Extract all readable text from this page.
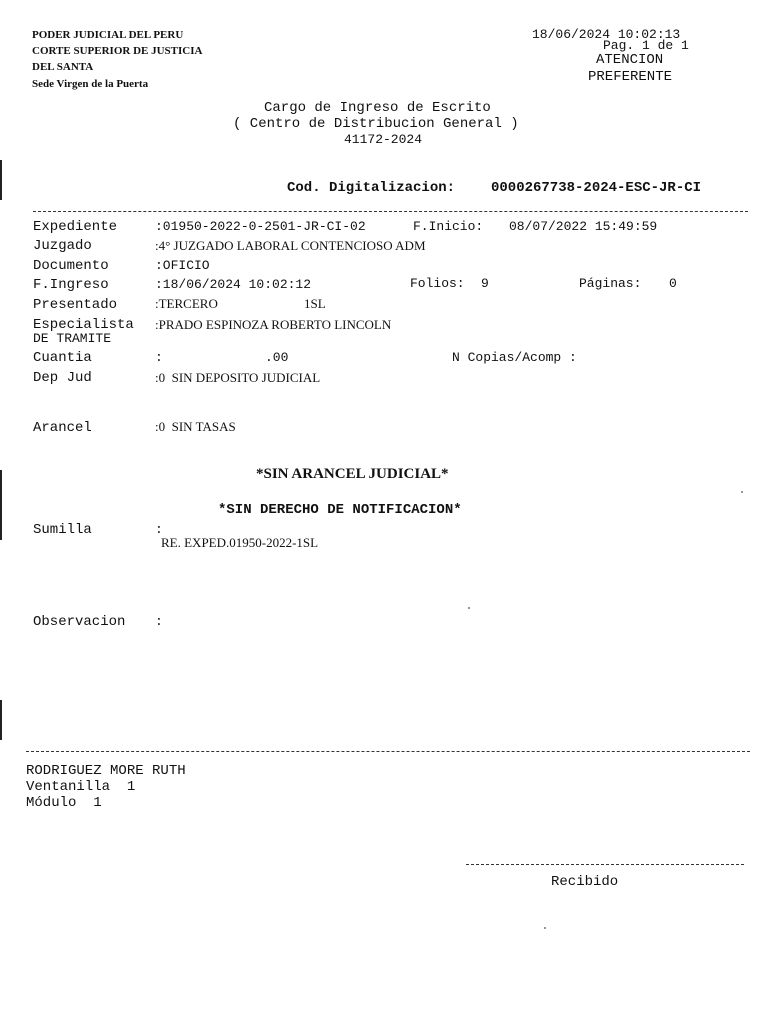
PODER JUDICIAL DEL PERU
CORTE SUPERIOR DE JUSTICIA
DEL SANTA
Sede Virgen de la Puerta
18/06/2024 10:02:13
Pag. 1 de 1
ATENCION
PREFERENTE
Cargo de Ingreso de Escrito
( Centro de Distribucion General )
41172-2024
Cod. Digitalizacion:	0000267738-2024-ESC-JR-CI
Expediente	:01950-2022-0-2501-JR-CI-02	F.Inicio: 08/07/2022 15:49:59
Juzgado	:4° JUZGADO LABORAL CONTENCIOSO ADM
Documento	:OFICIO
F.Ingreso	:18/06/2024 10:02:12	Folios: 9	Páginas: 0
Presentado	:TERCERO	1SL
Especialista :PRADO ESPINOZA ROBERTO LINCOLN
DE TRAMITE
Cuantia	:	.00	N Copias/Acomp :
Dep Jud	:0  SIN DEPOSITO JUDICIAL
Arancel	:0  SIN TASAS
*SIN ARANCEL JUDICIAL*
*SIN DERECHO DE NOTIFICACION*
Sumilla	:
RE. EXPED.01950-2022-1SL
Observacion :
RODRIGUEZ MORE RUTH
Ventanilla  1
Módulo  1
Recibido
